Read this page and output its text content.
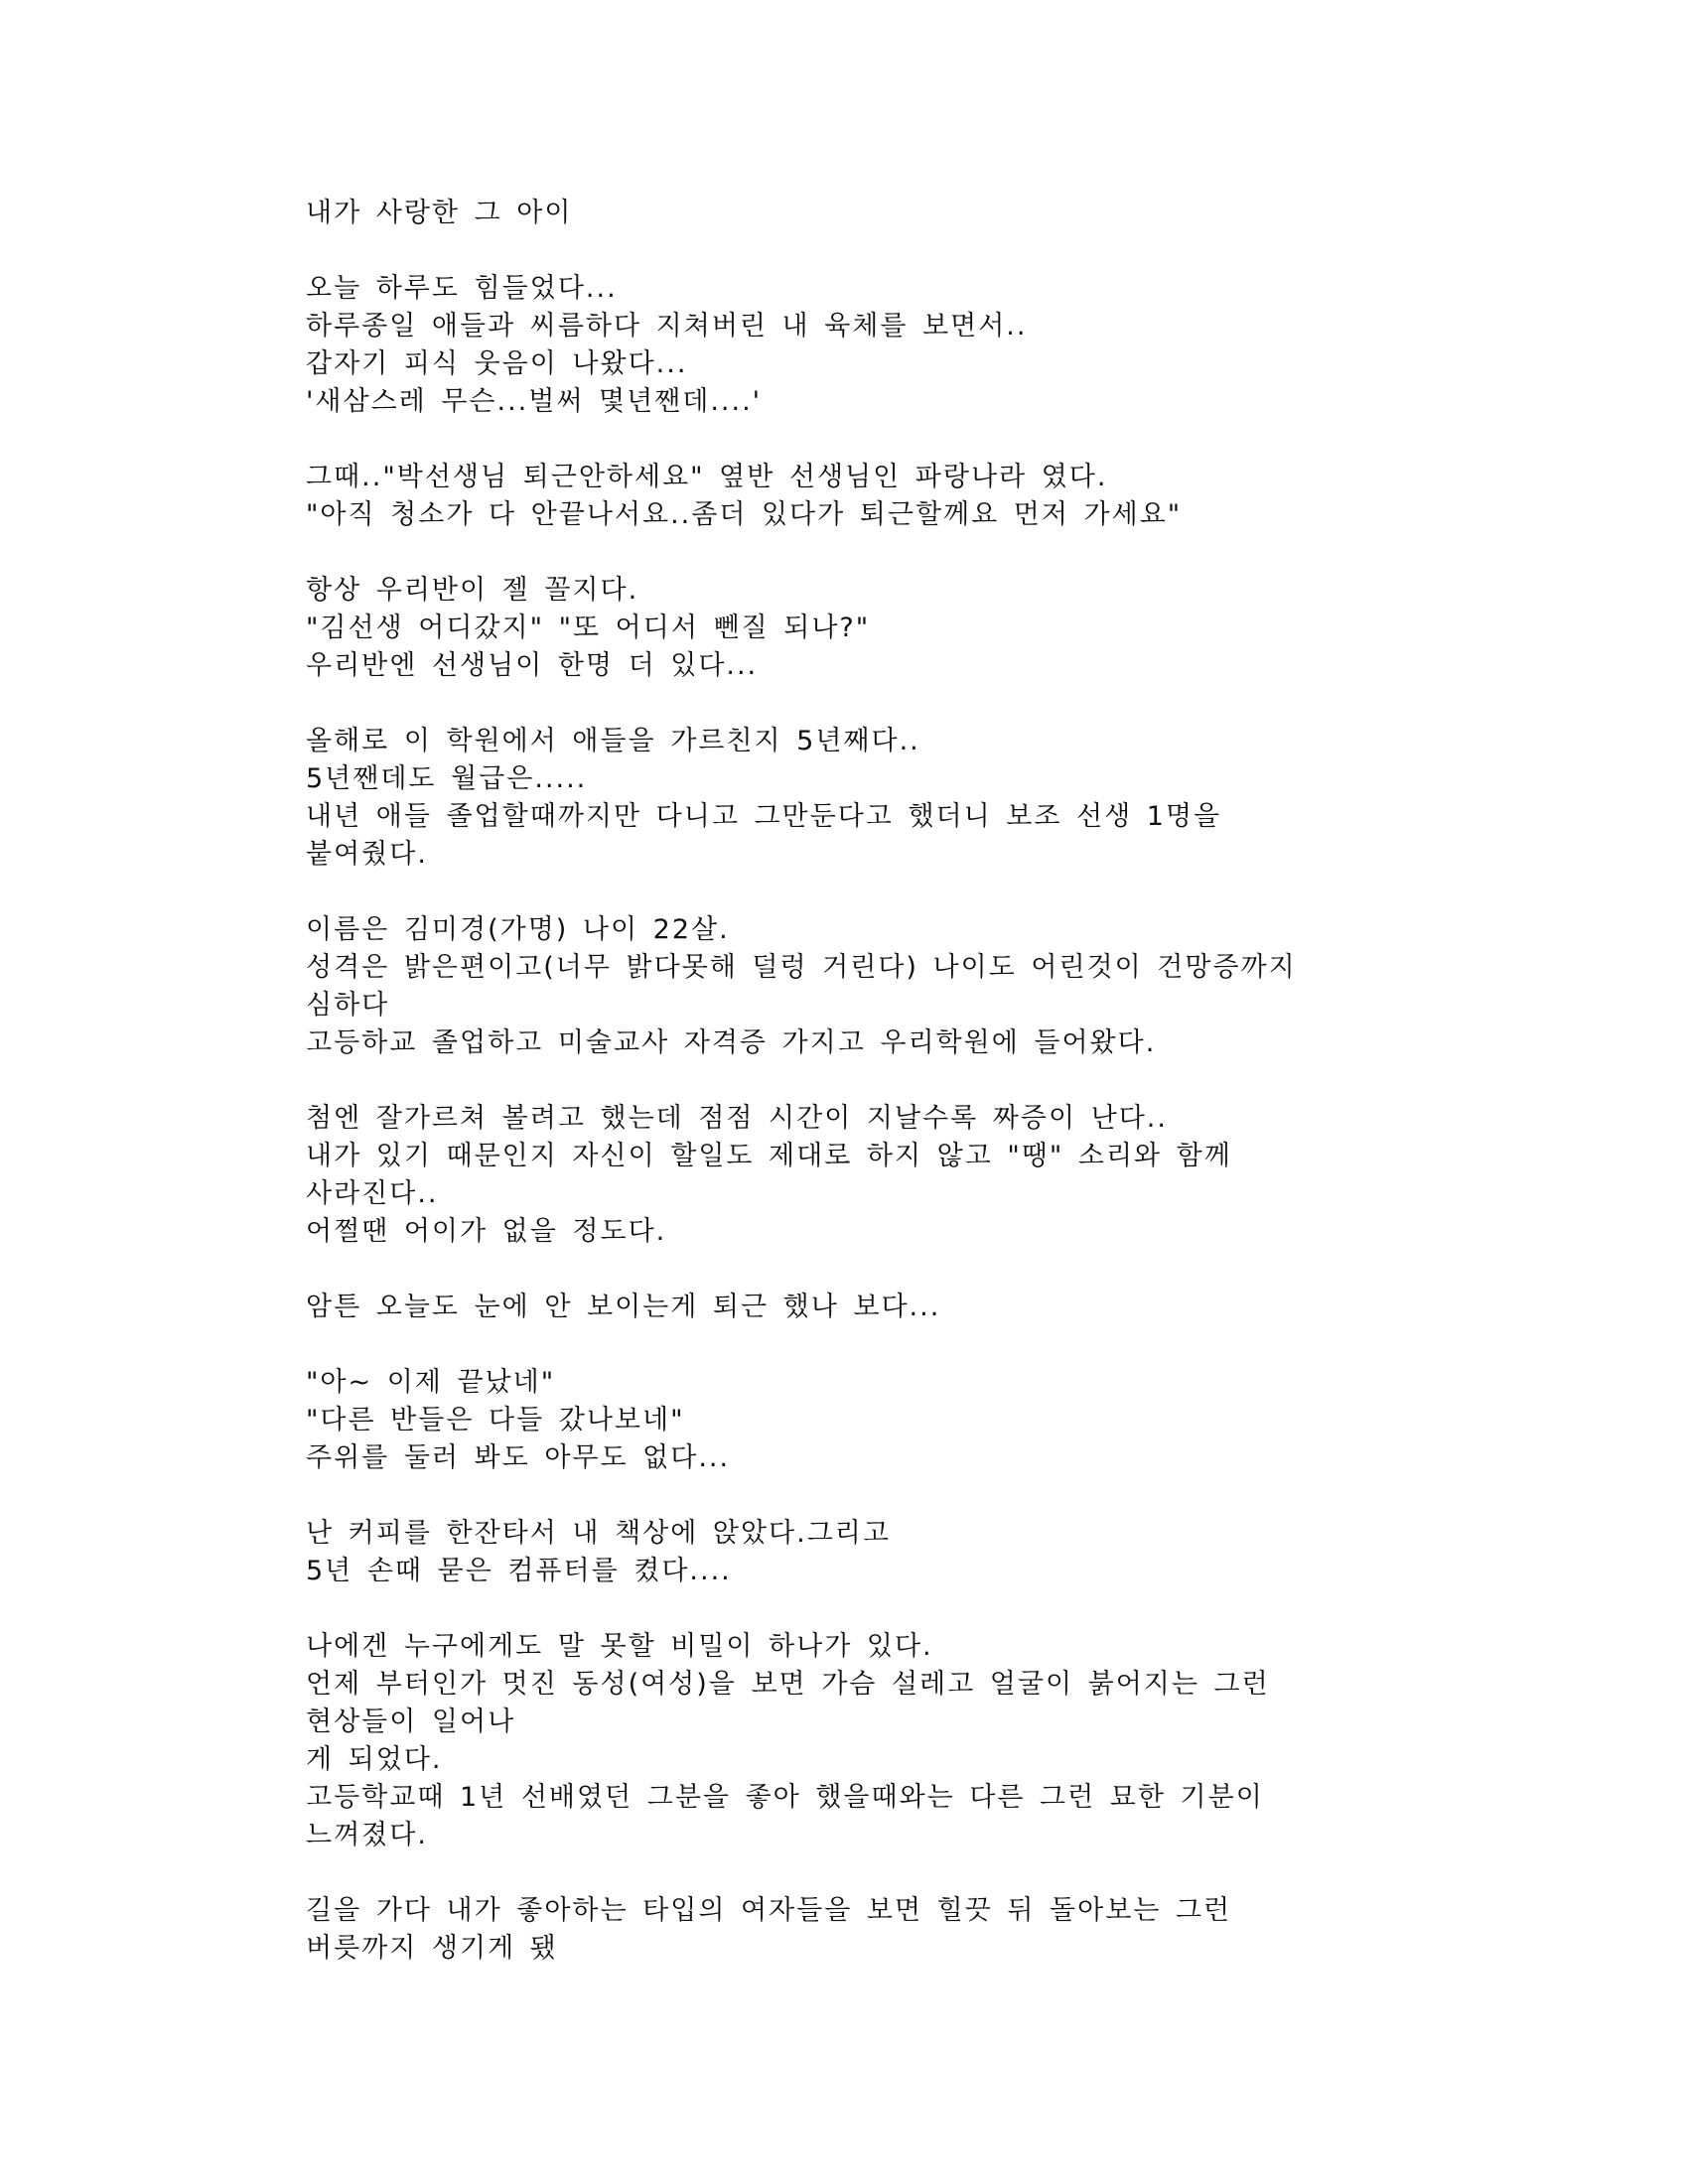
내가 사랑한 그 아이
오늘 하루도 힘들었다...
하루종일 애들과 씨름하다 지쳐버린 내 육체를 보면서..
갑자기 피식 웃음이 나왔다...
'새삼스레 무슨...벌써 몇년짼데....'
그때.."박선생님 퇴근안하세요" 옆반 선생님인 파랑나라 였다.
"아직 청소가 다 안끝나서요..좀더 있다가 퇴근할께요 먼저 가세요"
항상 우리반이 젤 꼴지다.
"김선생 어디갔지" "또 어디서 뻰질 되나?"
우리반엔 선생님이 한명 더 있다...
올해로 이 학원에서 애들을 가르친지 5년째다..
5년짼데도 월급은.....
내년 애들 졸업할때까지만 다니고 그만둔다고 했더니 보조 선생 1명을
붙여줬다.
이름은 김미경(가명) 나이 22살.
성격은 밝은편이고(너무 밝다못해 덜렁 거린다) 나이도 어린것이 건망증까지
심하다
고등하교 졸업하고 미술교사 자격증 가지고 우리학원에 들어왔다.
첨엔 잘가르쳐 볼려고 했는데 점점 시간이 지날수록 짜증이 난다..
내가 있기 때문인지 자신이 할일도 제대로 하지 않고 "땡" 소리와 함께
사라진다..
어쩔땐 어이가 없을 정도다.
암튼 오늘도 눈에 안 보이는게 퇴근 했나 보다...
"아~ 이제 끝났네"
"다른 반들은 다들 갔나보네"
주위를 둘러 봐도 아무도 없다...
난 커피를 한잔타서 내 책상에 앉았다.그리고
5년 손때 묻은 컴퓨터를 켰다....
나에겐 누구에게도 말 못할 비밀이 하나가 있다.
언제 부터인가 멋진 동성(여성)을 보면 가슴 설레고 얼굴이 붉어지는 그런
현상들이 일어나
게 되었다.
고등학교때 1년 선배였던 그분을 좋아 했을때와는 다른 그런 묘한 기분이
느껴졌다.
길을 가다 내가 좋아하는 타입의 여자들을 보면 힐끗 뒤 돌아보는 그런
버릇까지 생기게 됐
